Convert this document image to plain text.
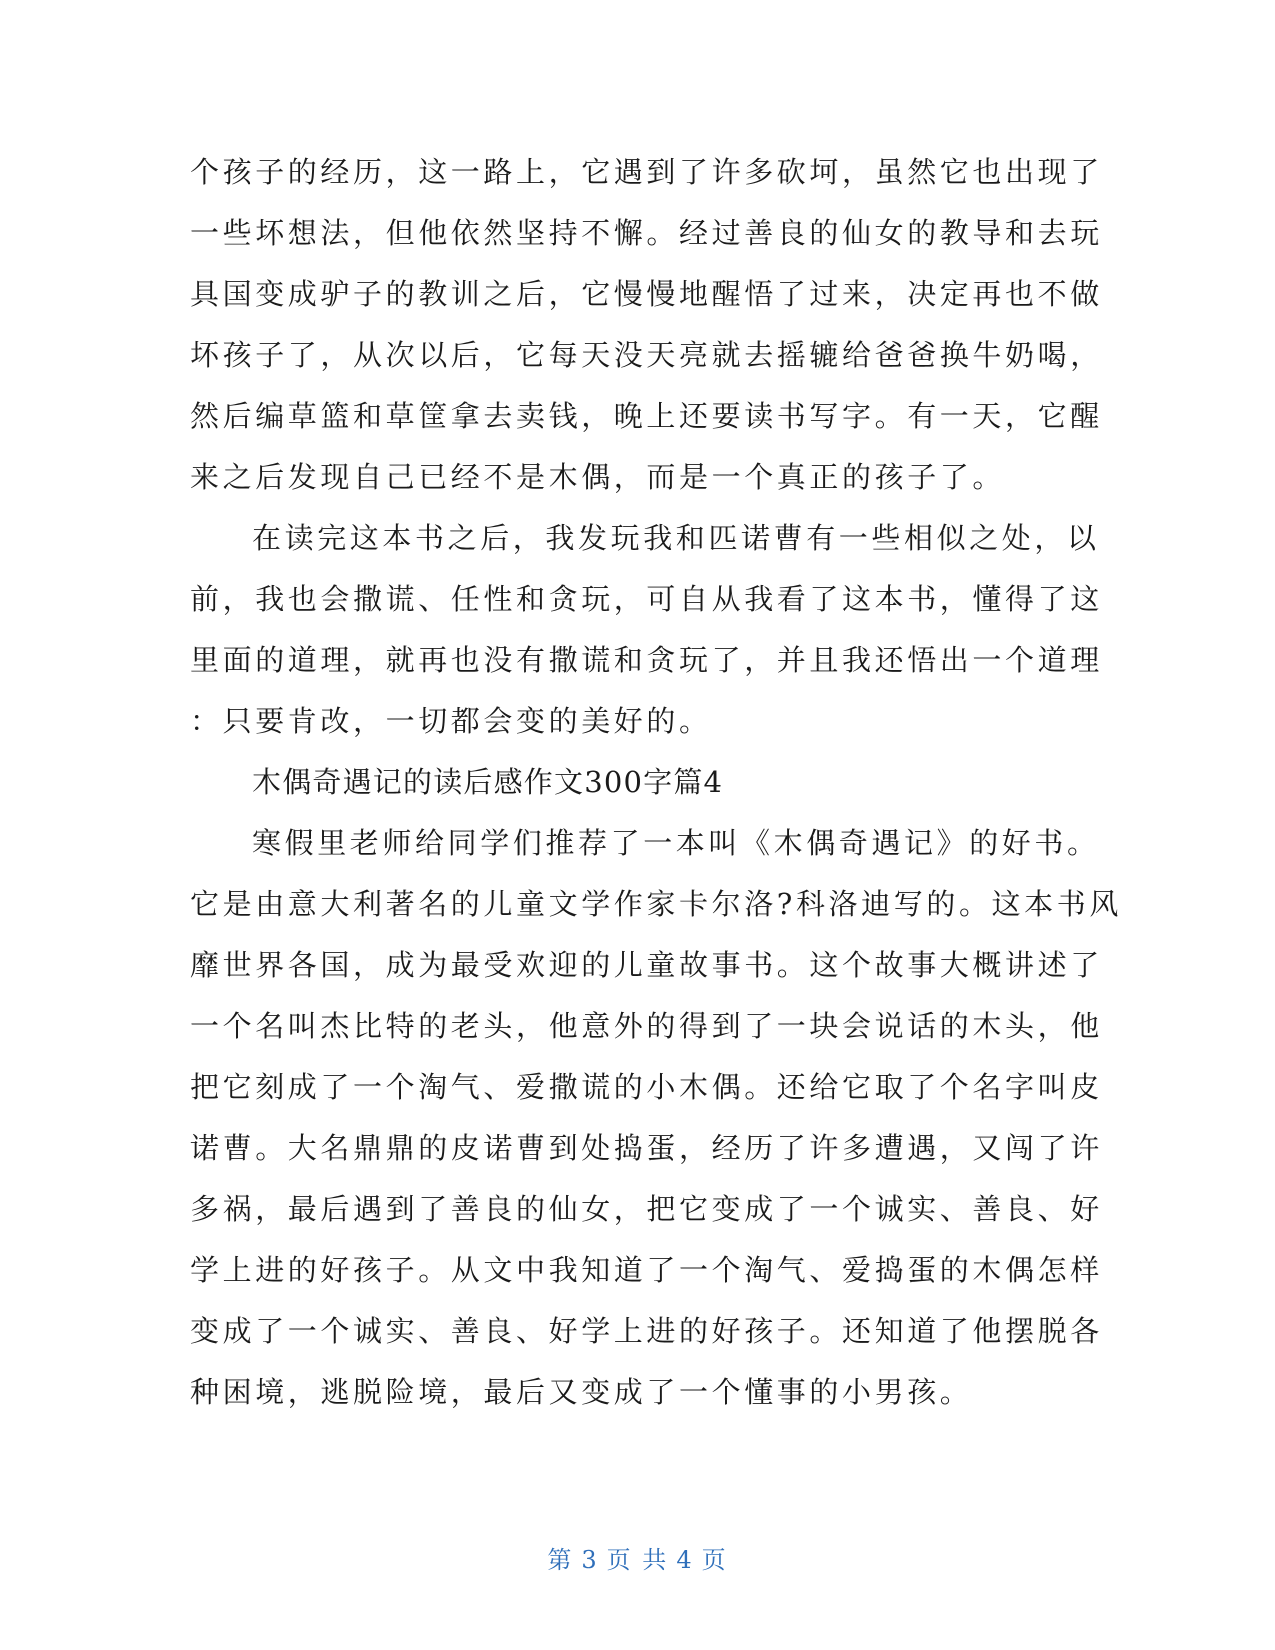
个孩子的经历，这一路上，它遇到了许多砍坷，虽然它也出现了
一些坏想法，但他依然坚持不懈。经过善良的仙女的教导和去玩
具国变成驴子的教训之后，它慢慢地醒悟了过来，决定再也不做
坏孩子了，从次以后，它每天没天亮就去摇辘给爸爸换牛奶喝，
然后编草篮和草筐拿去卖钱，晚上还要读书写字。有一天，它醒
来之后发现自己已经不是木偶，而是一个真正的孩子了。
在读完这本书之后，我发玩我和匹诺曹有一些相似之处，以
前，我也会撒谎、任性和贪玩，可自从我看了这本书，懂得了这
里面的道理，就再也没有撒谎和贪玩了，并且我还悟出一个道理
：只要肯改，一切都会变的美好的。
木偶奇遇记的读后感作文300字篇4
寒假里老师给同学们推荐了一本叫《木偶奇遇记》的好书。
它是由意大利著名的儿童文学作家卡尔洛?科洛迪写的。这本书风
靡世界各国，成为最受欢迎的儿童故事书。这个故事大概讲述了
一个名叫杰比特的老头，他意外的得到了一块会说话的木头，他
把它刻成了一个淘气、爱撒谎的小木偶。还给它取了个名字叫皮
诺曹。大名鼎鼎的皮诺曹到处捣蛋，经历了许多遭遇，又闯了许
多祸，最后遇到了善良的仙女，把它变成了一个诚实、善良、好
学上进的好孩子。从文中我知道了一个淘气、爱捣蛋的木偶怎样
变成了一个诚实、善良、好学上进的好孩子。还知道了他摆脱各
种困境，逃脱险境，最后又变成了一个懂事的小男孩。
第 3 页 共 4 页
